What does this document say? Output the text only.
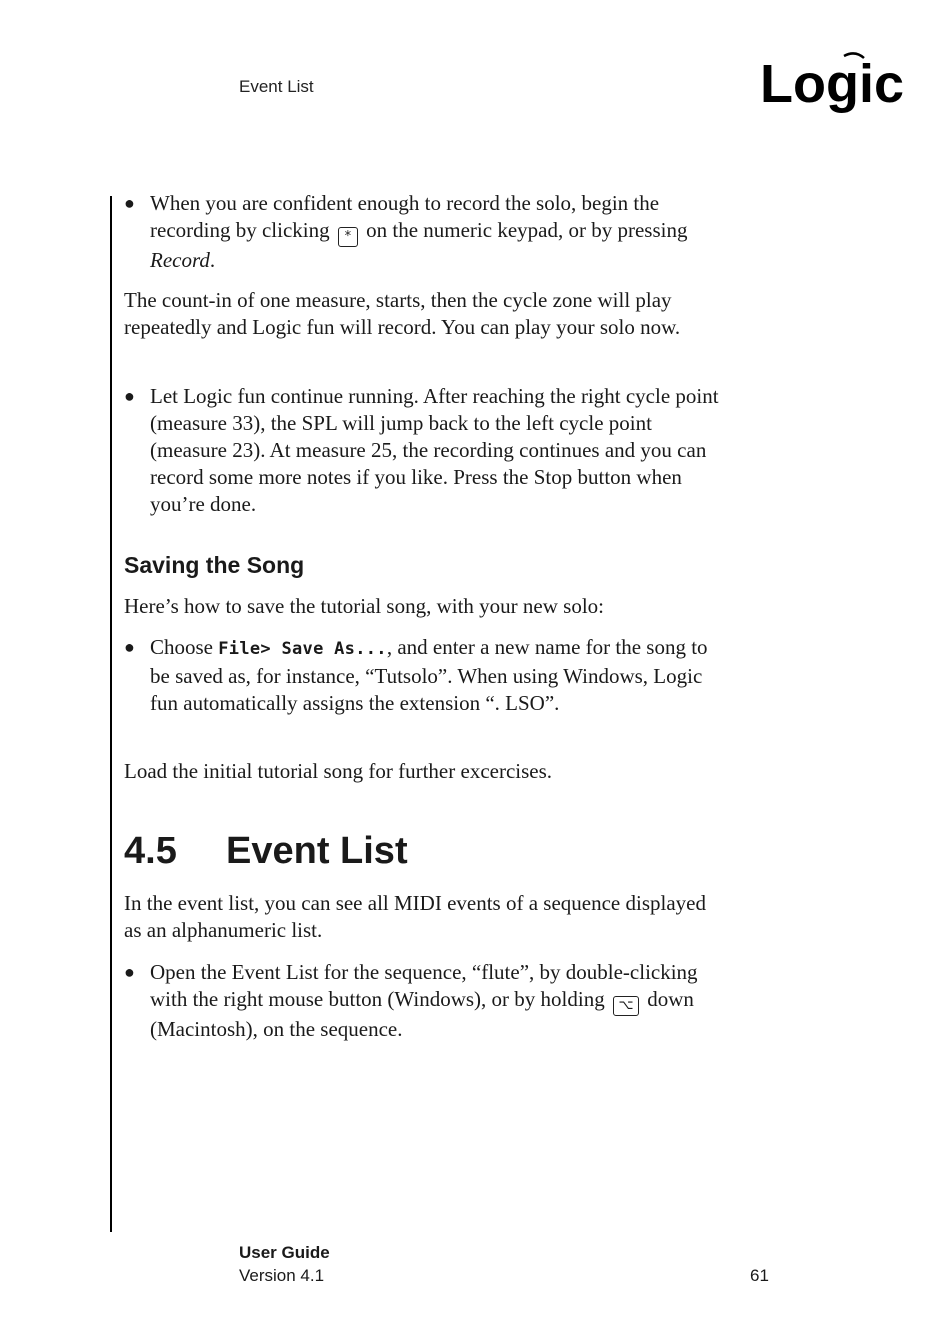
Event List	Logic
● When you are confident enough to record the solo, begin the recording by clicking * on the numeric keypad, or by pressing Record.

The count-in of one measure, starts, then the cycle zone will play repeatedly and Logic fun will record. You can play your solo now.

● Let Logic fun continue running. After reaching the right cycle point (measure 33), the SPL will jump back to the left cycle point (measure 23). At measure 25, the recording continues and you can record some more notes if you like. Press the Stop button when you’re done.
Saving the Song

Here’s how to save the tutorial song, with your new solo:

● Choose File> Save As..., and enter a new name for the song to be saved as, for instance, “Tutsolo”. When using Windows, Logic fun automatically assigns the extension “. LSO”.

Load the initial tutorial song for further excercises.

4.5 Event List

In the event list, you can see all MIDI events of a sequence displayed as an alphanumeric list.

● Open the Event List for the sequence, “flute”, by double-clicking with the right mouse button (Windows), or by holding ⌥ down (Macintosh), on the sequence.
User Guide
Version 4.1	61
